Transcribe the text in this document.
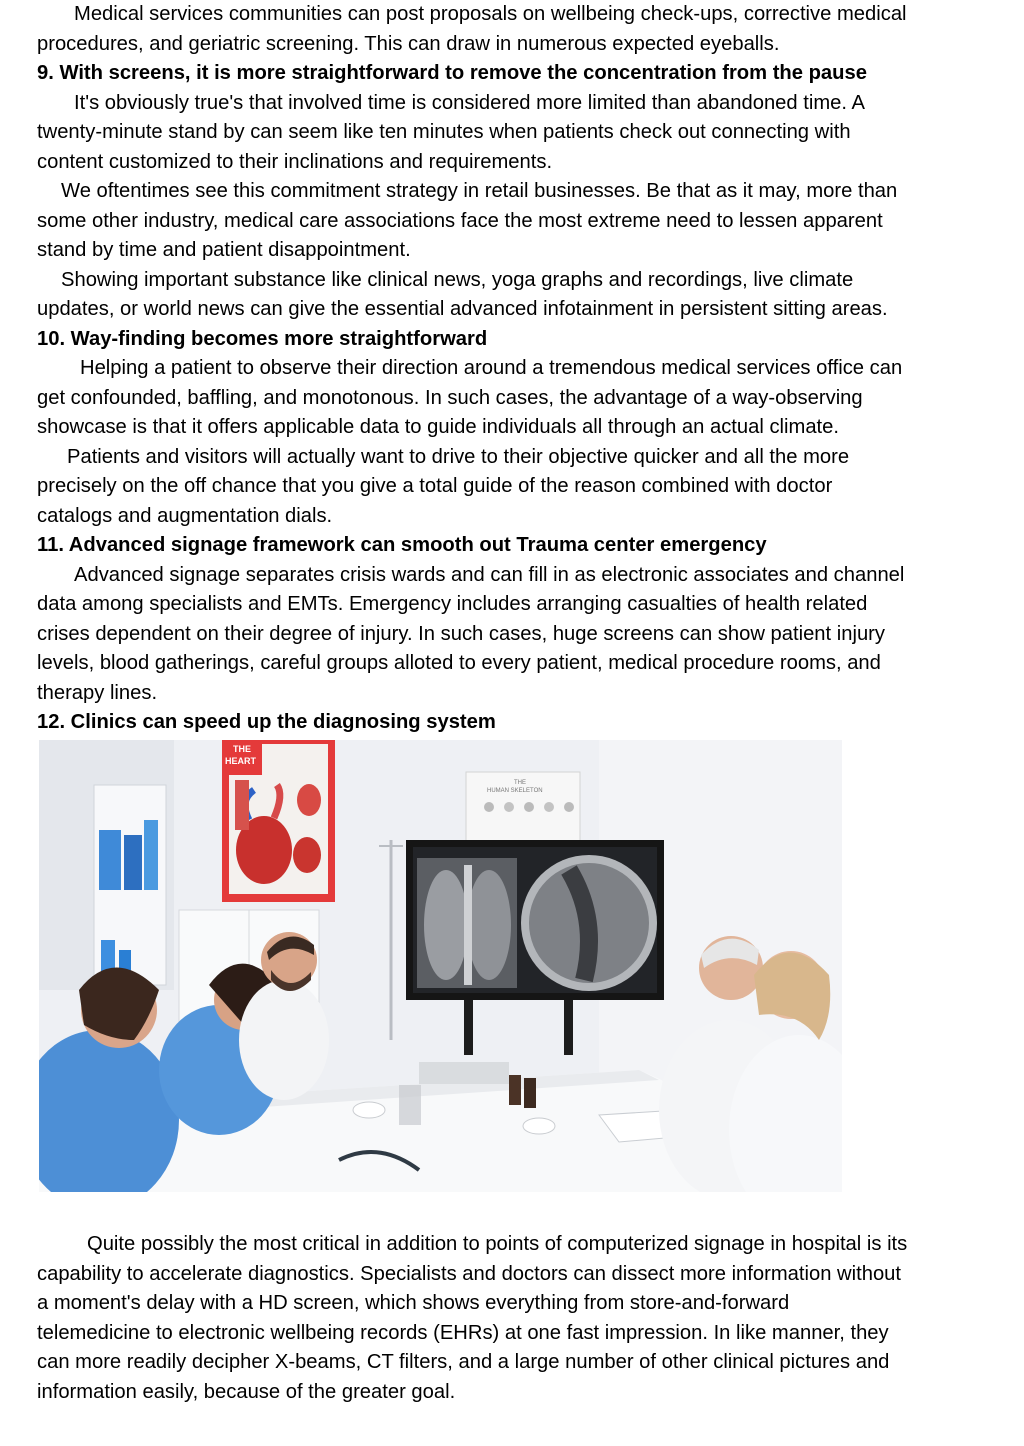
Medical services communities can post proposals on wellbeing check-ups, corrective medical

procedures, and geriatric screening. This can draw in numerous expected eyeballs.

9. With screens, it is more straightforward to remove the concentration from the pause

It's obviously true's that involved time is considered more limited than abandoned time. A

twenty-minute stand by can seem like ten minutes when patients check out connecting with

content customized to their inclinations and requirements.

We oftentimes see this commitment strategy in retail businesses. Be that as it may, more than

some other industry, medical care associations face the most extreme need to lessen apparent

stand by time and patient disappointment.

Showing important substance like clinical news, yoga graphs and recordings, live climate

updates, or world news can give the essential advanced infotainment in persistent sitting areas.

10. Way-finding becomes more straightforward

Helping a patient to observe their direction around a tremendous medical services office can

get confounded, baffling, and monotonous. In such cases, the advantage of a way-observing

showcase is that it offers applicable data to guide individuals all through an actual climate.

Patients and visitors will actually want to drive to their objective quicker and all the more

precisely on the off chance that you give a total guide of the reason combined with doctor

catalogs and augmentation dials.

11. Advanced signage framework can smooth out Trauma center emergency

Advanced signage separates crisis wards and can fill in as electronic associates and channel

data among specialists and EMTs. Emergency includes arranging casualties of health related

crises dependent on their degree of injury. In such cases, huge screens can show patient injury

levels, blood gatherings, careful groups alloted to every patient, medical procedure rooms, and

therapy lines.

12. Clinics can speed up the diagnosing system

THE
HEART
THE
HUMAN SKELETON

Quite possibly the most critical in addition to points of computerized signage in hospital is its

capability to accelerate diagnostics. Specialists and doctors can dissect more information without

a moment's delay with a HD screen, which shows everything from store-and-forward

telemedicine to electronic wellbeing records (EHRs) at one fast impression. In like manner, they

can more readily decipher X-beams, CT filters, and a large number of other clinical pictures and

information easily, because of the greater goal.
